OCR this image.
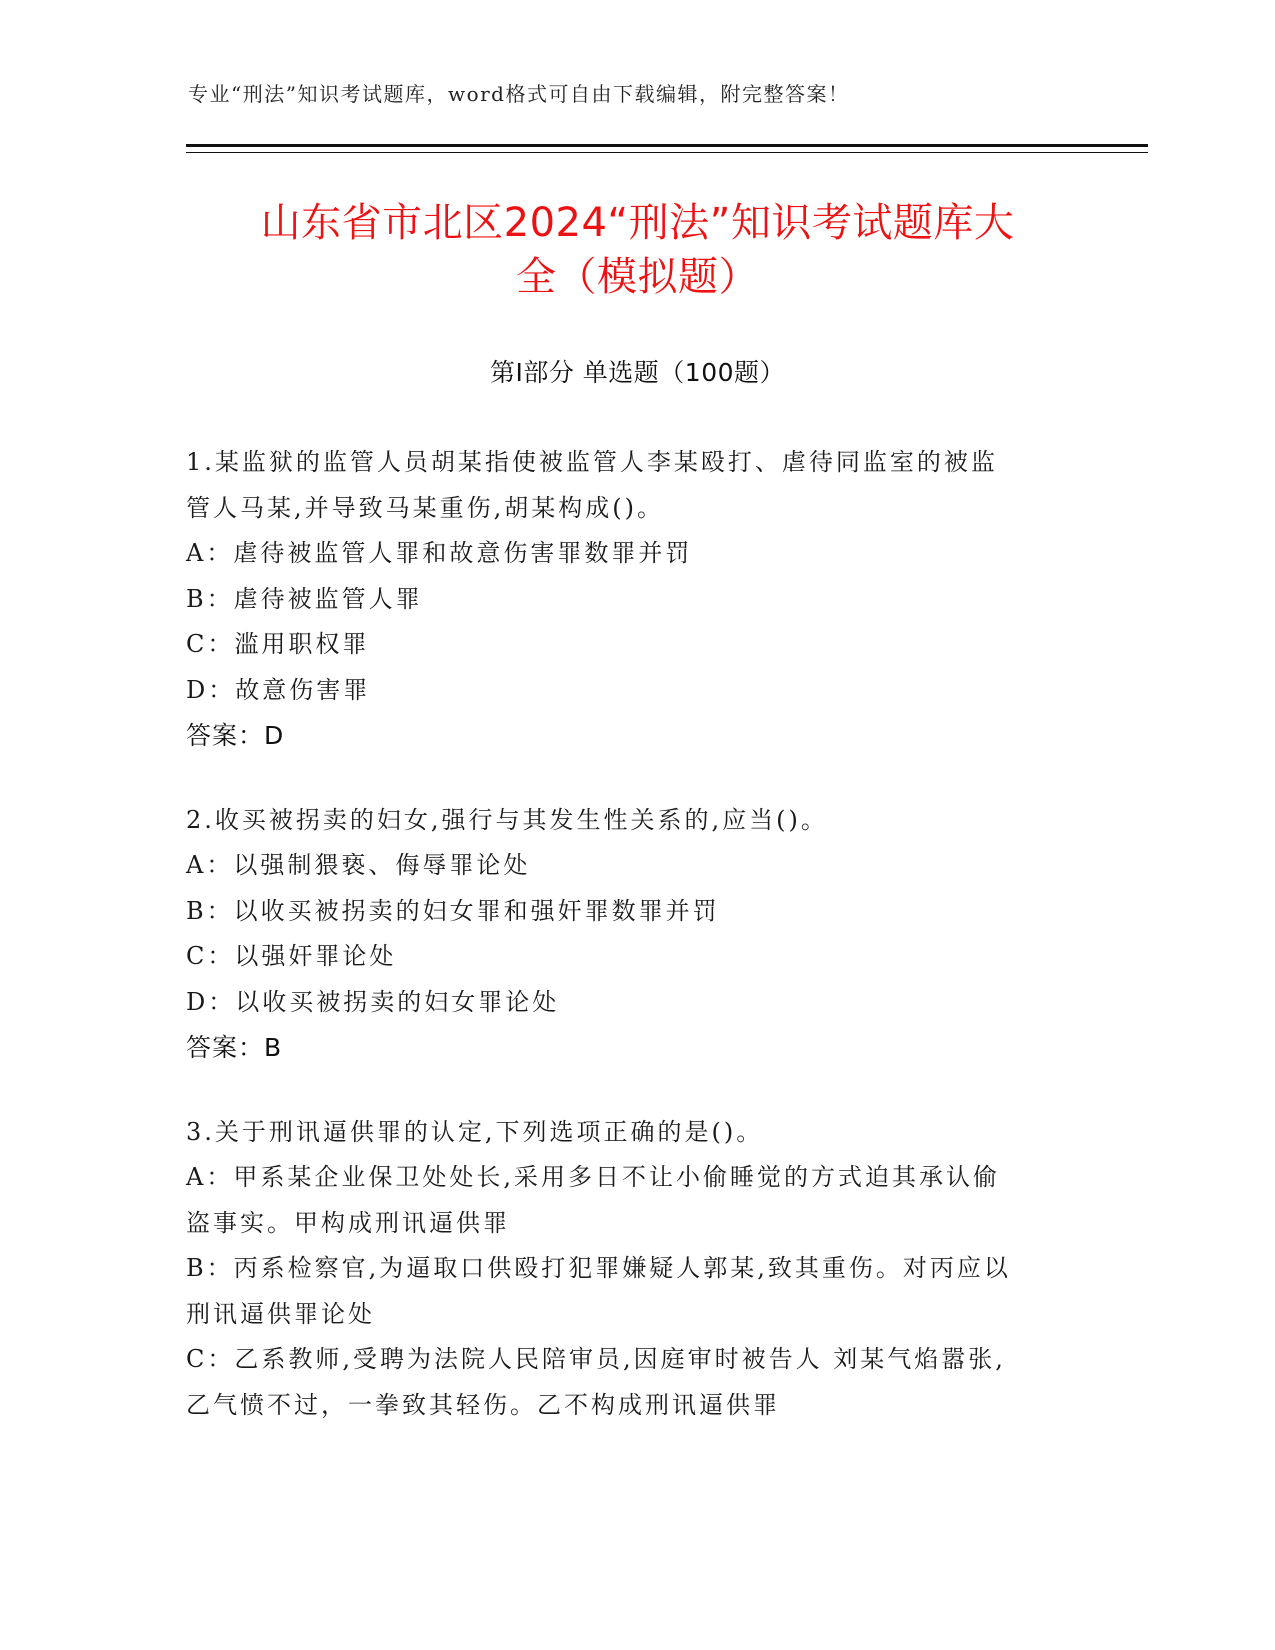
专业“刑法”知识考试题库，word格式可自由下载编辑，附完整答案！
山东省市北区2024“刑法”知识考试题库大
全（模拟题）
第I部分 单选题（100题）
1.某监狱的监管人员胡某指使被监管人李某殴打、虐待同监室的被监
管人马某,并导致马某重伤,胡某构成()。
A：虐待被监管人罪和故意伤害罪数罪并罚
B：虐待被监管人罪
C：滥用职权罪
D：故意伤害罪
答案：D
2.收买被拐卖的妇女,强行与其发生性关系的,应当()。
A：以强制猥亵、侮辱罪论处
B：以收买被拐卖的妇女罪和强奸罪数罪并罚
C：以强奸罪论处
D：以收买被拐卖的妇女罪论处
答案：B
3.关于刑讯逼供罪的认定,下列选项正确的是()。
A：甲系某企业保卫处处长,采用多日不让小偷睡觉的方式迫其承认偷
盗事实。甲构成刑讯逼供罪
B：丙系检察官,为逼取口供殴打犯罪嫌疑人郭某,致其重伤。对丙应以
刑讯逼供罪论处
C：乙系教师,受聘为法院人民陪审员,因庭审时被告人 刘某气焰嚣张,
乙气愤不过，一拳致其轻伤。乙不构成刑讯逼供罪
